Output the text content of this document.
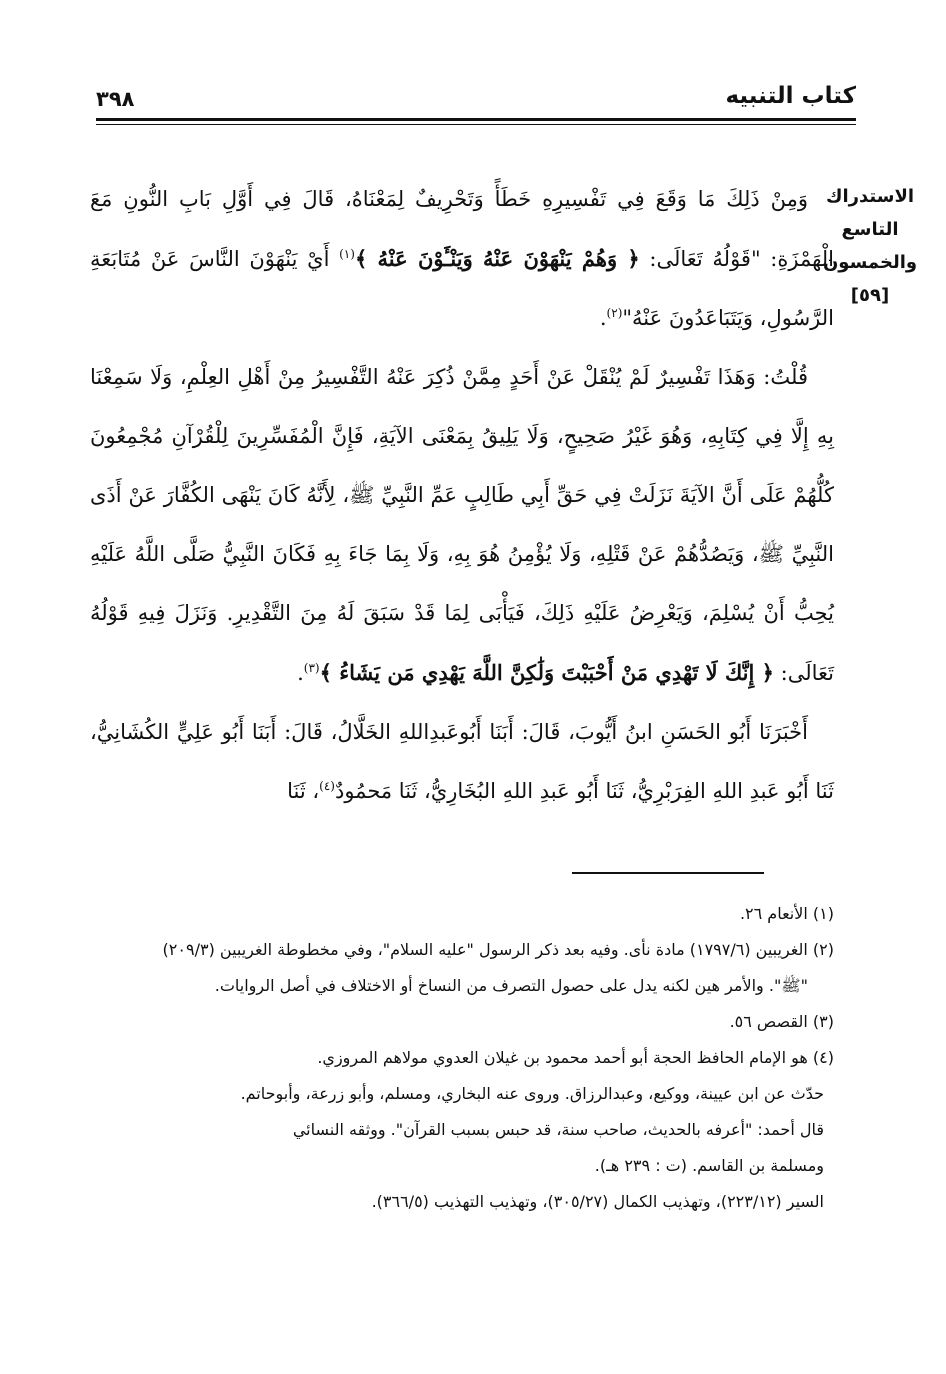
كتاب التنبيه
٣٩٨
الاستدراك
التاسع
والخمسون
[٥٩]

وَمِنْ ذَلِكَ مَا وَقَعَ فِي تَفْسِيرِهِ خَطَأً وَتَحْرِيفٌ لِمَعْنَاهُ، قَالَ فِي أَوَّلِ بَابِ النُّونِ مَعَ الْهَمْزَةِ: "قَوْلُهُ تَعَالَى: ﴿ وَهُمْ يَنْهَوْنَ عَنْهُ وَيَنْـَٔوْنَ عَنْهُ ﴾$^{(١)}$ أَيْ يَنْهَوْنَ النَّاسَ عَنْ مُتَابَعَةِ الرَّسُولِ، وَيَتَبَاعَدُونَ عَنْهُ"$^{(٢)}$.

قُلْتُ: وَهَذَا تَفْسِيرٌ لَمْ يُنْقَلْ عَنْ أَحَدٍ مِمَّنْ ذُكِرَ عَنْهُ التَّفْسِيرُ مِنْ أَهْلِ العِلْمِ، وَلَا سَمِعْنَا بِهِ إِلَّا فِي كِتَابِهِ، وَهُوَ غَيْرُ صَحِيحٍ، وَلَا يَلِيقُ بِمَعْنَى الآيَةِ، فَإِنَّ الْمُفَسِّرِينَ لِلْقُرْآنِ مُجْمِعُونَ كُلُّهُمْ عَلَى أَنَّ الآيَةَ نَزَلَتْ فِي حَقِّ أَبِي طَالِبٍ عَمِّ النَّبِيِّ ﷺ، لِأَنَّهُ كَانَ يَنْهَى الكُفَّارَ عَنْ أَذَى النَّبِيِّ ﷺ، وَيَصُدُّهُمْ عَنْ قَتْلِهِ، وَلَا يُؤْمِنُ هُوَ بِهِ، وَلَا بِمَا جَاءَ بِهِ فَكَانَ النَّبِيُّ صَلَّى اللَّهُ عَلَيْهِ يُحِبُّ أَنْ يُسْلِمَ، وَيَعْرِضُ عَلَيْهِ ذَلِكَ، فَيَأْبَى لِمَا قَدْ سَبَقَ لَهُ مِنَ التَّقْدِيرِ. وَنَزَلَ فِيهِ قَوْلُهُ تَعَالَى: ﴿ إِنَّكَ لَا تَهْدِي مَنْ أَحْبَبْتَ وَلَٰكِنَّ اللَّهَ يَهْدِي مَن يَشَاءُ ﴾$^{(٣)}$.

أَخْبَرَنَا أَبُو الحَسَنِ ابنُ أَيُّوبَ، قَالَ: أَبَنَا أَبُوعَبدِاللهِ الخَلَّالُ، قَالَ: أَبَنَا أَبُو عَلِيٍّ الكُشَانِيُّ، ثَنَا أَبُو عَبدِ اللهِ الفِرَبْرِيُّ، ثَنَا أَبُو عَبدِ اللهِ البُخَارِيُّ، ثَنَا مَحمُودٌ$^{(٤)}$، ثَنَا

(١) الأنعام ٢٦.

(٢) الغريبين (١٧٩٧/٦) مادة نأى. وفيه بعد ذكر الرسول "عليه السلام"، وفي مخطوطة الغريبين (٢٠٩/٣)

"ﷺ". والأمر هين لكنه يدل على حصول التصرف من النساخ أو الاختلاف في أصل الروايات.

(٣) القصص ٥٦.

(٤) هو الإمام الحافظ الحجة أبو أحمد محمود بن غيلان العدوي مولاهم المروزي.

حدّث عن ابن عيينة، ووكيع، وعبدالرزاق. وروى عنه البخاري، ومسلم، وأبو زرعة، وأبوحاتم.

قال أحمد: "أعرفه بالحديث، صاحب سنة، قد حبس بسبب القرآن". ووثقه النسائي

ومسلمة بن القاسم. (ت : ٢٣٩ هـ).

السير (٢٢٣/١٢)، وتهذيب الكمال (٣٠٥/٢٧)، وتهذيب التهذيب (٣٦٦/٥).
